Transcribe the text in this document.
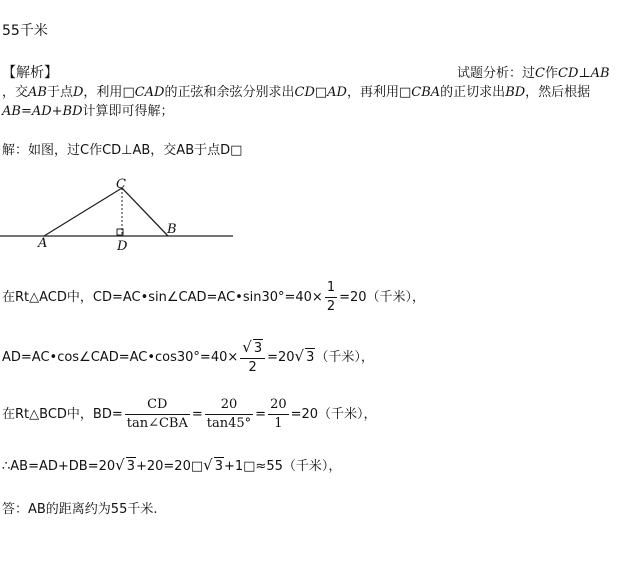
55千米
【解析】	试题分析：过C作CD⊥AB
，交AB于点D，利用□CAD的正弦和余弦分别求出CD□AD，再利用□CBA的正切求出BD，然后根据
AB=AD+BD计算即可得解；
解：如图，过C作CD⊥AB，交AB于点D□
C
A	D
B
在Rt△ACD中，CD=AC•sin∠CAD=AC•sin30°=40× $\frac{1}{2} =20$（千米），
AD=AC•cos∠CAD=AC•cos30°=40× $\frac{√ 3}{2} =20√$ 3（千米），
在Rt△BCD中，$BD= \frac{CD}{\text{tan∠CBA}} = \frac{20}{\tan 45^\circ} = \frac{20}{1} =20$（千米），
∴AB=AD+DB=20√ 3+20=20□√ 3+1□≈55（千米），
答：AB的距离约为55千米.
